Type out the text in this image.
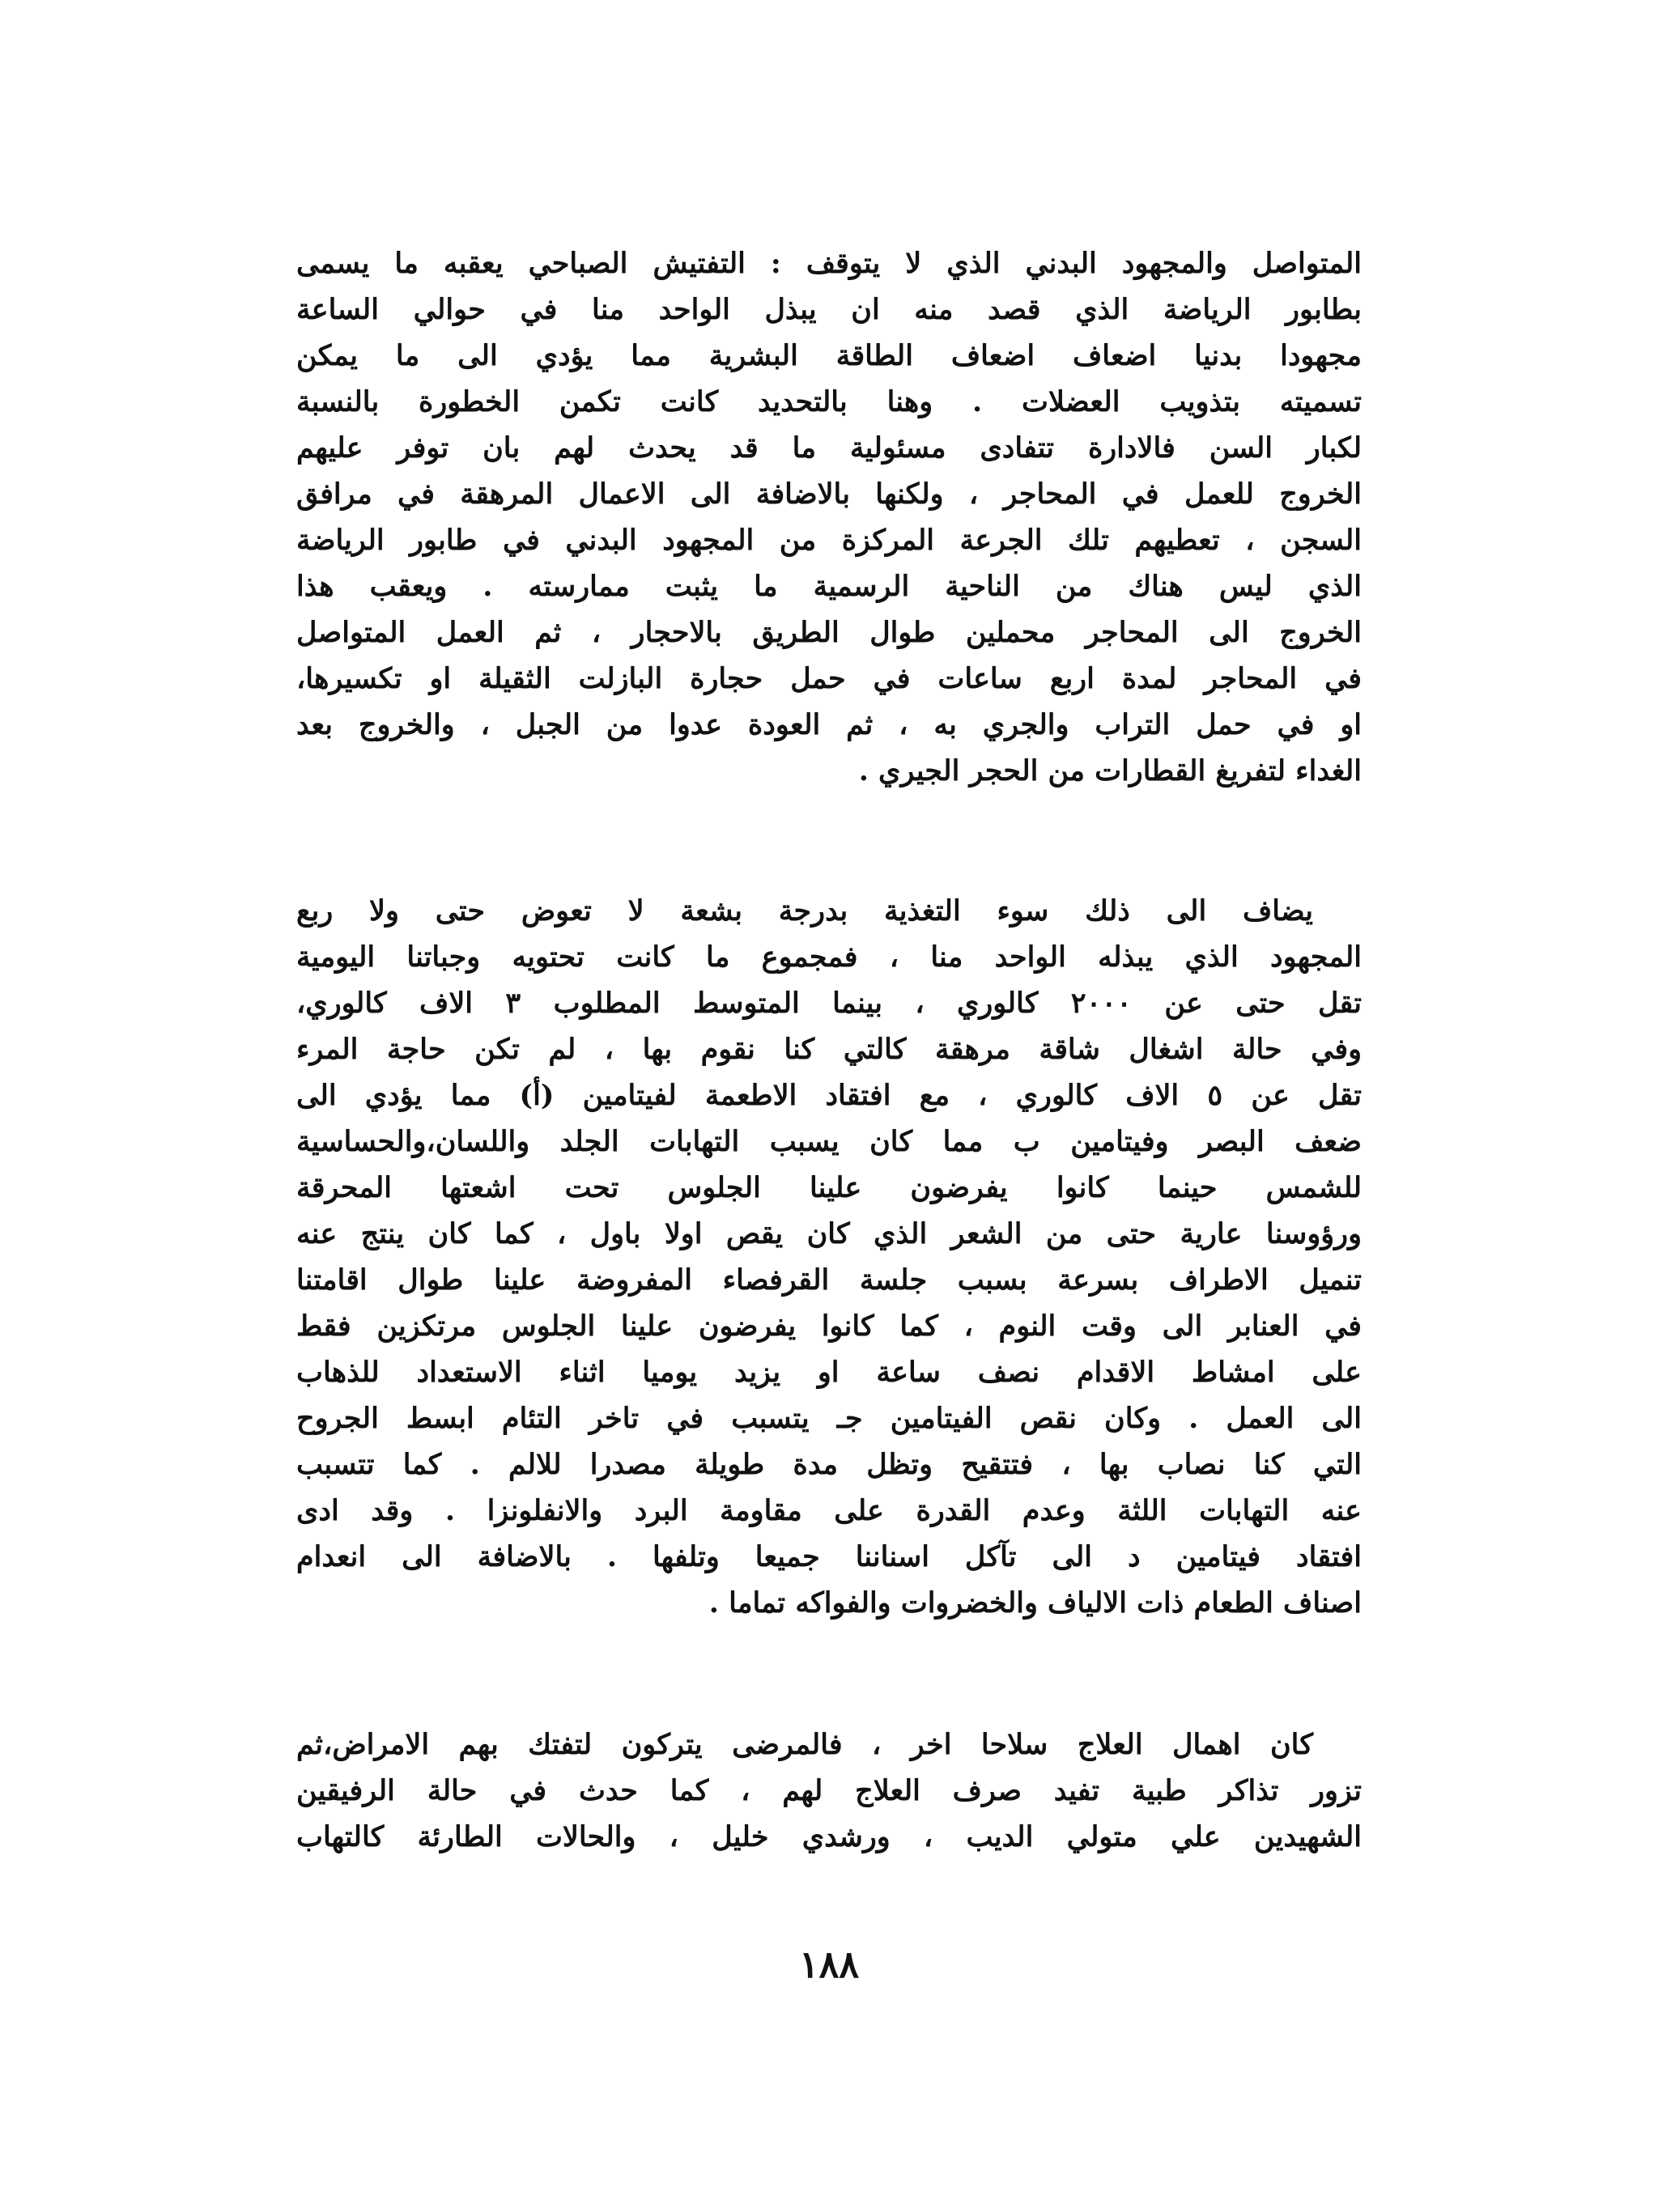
المتواصل والمجهود البدني الذي لا يتوقف : التفتيش الصباحي يعقبه ما يسمى
بطابور الرياضة الذي قصد منه ان يبذل الواحد منا في حوالي الساعة
مجهودا بدنيا اضعاف اضعاف الطاقة البشرية مما يؤدي الى ما يمكن
تسميته بتذويب العضلات . وهنا بالتحديد كانت تكمن الخطورة بالنسبة
لكبار السن فالادارة تتفادى مسئولية ما قد يحدث لهم بان توفر عليهم
الخروج للعمل في المحاجر ، ولكنها بالاضافة الى الاعمال المرهقة في مرافق
السجن ، تعطيهم تلك الجرعة المركزة من المجهود البدني في طابور الرياضة
الذي ليس هناك من الناحية الرسمية ما يثبت ممارسته . ويعقب هذا
الخروج الى المحاجر محملين طوال الطريق بالاحجار ، ثم العمل المتواصل
في المحاجر لمدة اربع ساعات في حمل حجارة البازلت الثقيلة او تكسيرها،
او في حمل التراب والجري به ، ثم العودة عدوا من الجبل ، والخروج بعد
الغداء لتفريغ القطارات من الحجر الجيري .
يضاف الى ذلك سوء التغذية بدرجة بشعة لا تعوض حتى ولا ربع
المجهود الذي يبذله الواحد منا ، فمجموع ما كانت تحتويه وجباتنا اليومية
تقل حتى عن ٢٠٠٠ كالوري ، بينما المتوسط المطلوب ٣ الاف كالوري،
وفي حالة اشغال شاقة مرهقة كالتي كنا نقوم بها ، لم تكن حاجة المرء
تقل عن ٥ الاف كالوري ، مع افتقاد الاطعمة لفيتامين (أ) مما يؤدي الى
ضعف البصر وفيتامين ب مما كان يسبب التهابات الجلد واللسان،والحساسية
للشمس حينما كانوا يفرضون علينا الجلوس تحت اشعتها المحرقة
ورؤوسنا عارية حتى من الشعر الذي كان يقص اولا باول ، كما كان ينتج عنه
تنميل الاطراف بسرعة بسبب جلسة القرفصاء المفروضة علينا طوال اقامتنا
في العنابر الى وقت النوم ، كما كانوا يفرضون علينا الجلوس مرتكزين فقط
على امشاط الاقدام نصف ساعة او يزيد يوميا اثناء الاستعداد للذهاب
الى العمل . وكان نقص الفيتامين جـ يتسبب في تاخر التئام ابسط الجروح
التي كنا نصاب بها ، فتتقيح وتظل مدة طويلة مصدرا للالم . كما تتسبب
عنه التهابات اللثة وعدم القدرة على مقاومة البرد والانفلونزا . وقد ادى
افتقاد فيتامين د الى تآكل اسناننا جميعا وتلفها . بالاضافة الى انعدام
اصناف الطعام ذات الالياف والخضروات والفواكه تماما .
كان اهمال العلاج سلاحا اخر ، فالمرضى يتركون لتفتك بهم الامراض،ثم
تزور تذاكر طبية تفيد صرف العلاج لهم ، كما حدث في حالة الرفيقين
الشهيدين علي متولي الديب ، ورشدي خليل ، والحالات الطارئة كالتهاب
١٨٨
